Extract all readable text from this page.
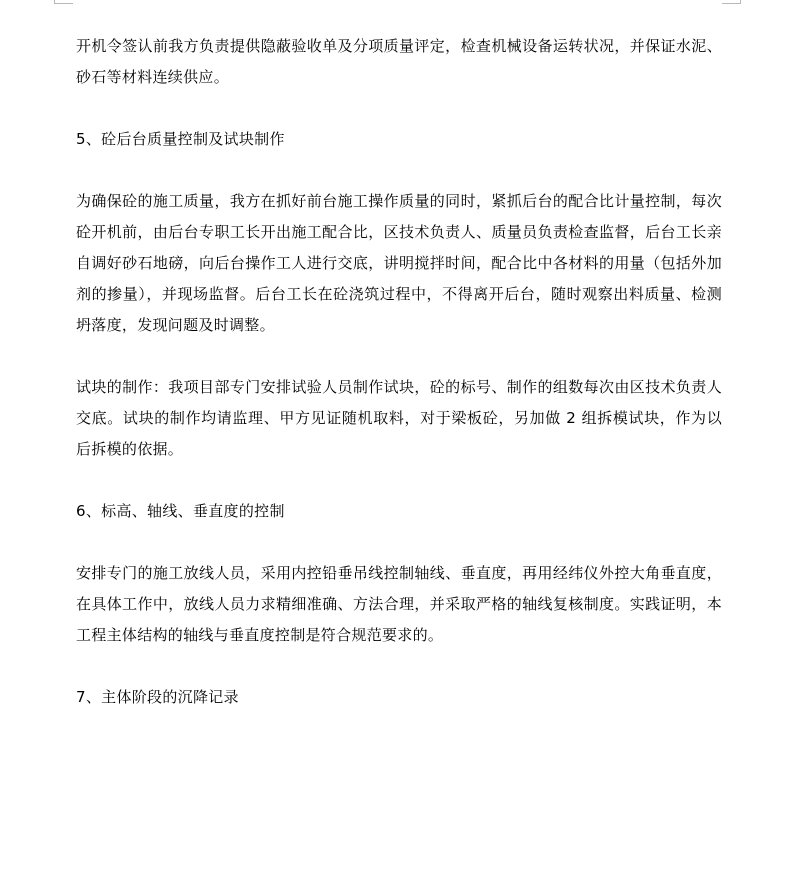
开机令签认前我方负责提供隐蔽验收单及分项质量评定，检查机械设备运转状况，并保证水泥、砂石等材料连续供应。

5、砼后台质量控制及试块制作

为确保砼的施工质量，我方在抓好前台施工操作质量的同时，紧抓后台的配合比计量控制，每次砼开机前，由后台专职工长开出施工配合比，区技术负责人、质量员负责检查监督，后台工长亲自调好砂石地磅，向后台操作工人进行交底，讲明搅拌时间，配合比中各材料的用量（包括外加剂的掺量），并现场监督。后台工长在砼浇筑过程中，不得离开后台，随时观察出料质量、检测坍落度，发现问题及时调整。

试块的制作：我项目部专门安排试验人员制作试块，砼的标号、制作的组数每次由区技术负责人交底。试块的制作均请监理、甲方见证随机取料，对于梁板砼，另加做 2 组拆模试块，作为以后拆模的依据。

6、标高、轴线、垂直度的控制

安排专门的施工放线人员，采用内控铅垂吊线控制轴线、垂直度，再用经纬仪外控大角垂直度，在具体工作中，放线人员力求精细准确、方法合理，并采取严格的轴线复核制度。实践证明，本工程主体结构的轴线与垂直度控制是符合规范要求的。

7、主体阶段的沉降记录
